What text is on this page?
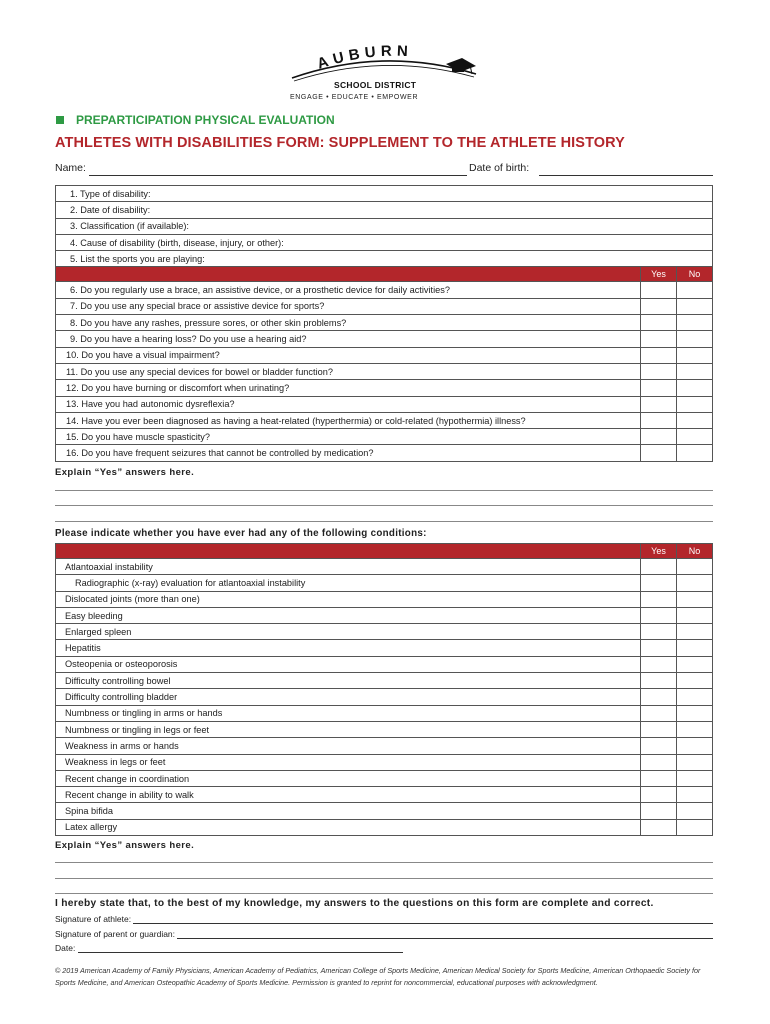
AUBURN
SCHOOL DISTRICT
ENGAGE • EDUCATE • EMPOWER
PREPARTICIPATION PHYSICAL EVALUATION
ATHLETES WITH DISABILITIES FORM: SUPPLEMENT TO THE ATHLETE HISTORY
Name:	Date of birth:
1. Type of disability:		
2. Date of disability:		
3. Classification (if available):		
4. Cause of disability (birth, disease, injury, or other):		
5. List the sports you are playing:		
	Yes	No
6. Do you regularly use a brace, an assistive device, or a prosthetic device for daily activities?		
7. Do you use any special brace or assistive device for sports?		
8. Do you have any rashes, pressure sores, or other skin problems?		
9. Do you have a hearing loss? Do you use a hearing aid?		
10. Do you have a visual impairment?		
11. Do you use any special devices for bowel or bladder function?		
12. Do you have burning or discomfort when urinating?		
13. Have you had autonomic dysreflexia?		
14. Have you ever been diagnosed as having a heat-related (hyperthermia) or cold-related (hypothermia) illness?		
15. Do you have muscle spasticity?		
16. Do you have frequent seizures that cannot be controlled by medication?		
Explain “Yes” answers here.
Please indicate whether you have ever had any of the following conditions:
	Yes	No
Atlantoaxial instability		
Radiographic (x-ray) evaluation for atlantoaxial instability		
Dislocated joints (more than one)		
Easy bleeding		
Enlarged spleen		
Hepatitis		
Osteopenia or osteoporosis		
Difficulty controlling bowel		
Difficulty controlling bladder		
Numbness or tingling in arms or hands		
Numbness or tingling in legs or feet		
Weakness in arms or hands		
Weakness in legs or feet		
Recent change in coordination		
Recent change in ability to walk		
Spina bifida		
Latex allergy		
Explain “Yes” answers here.
I hereby state that, to the best of my knowledge, my answers to the questions on this form are complete and correct.
Signature of athlete:
Signature of parent or guardian:
Date:
© 2019 American Academy of Family Physicians, American Academy of Pediatrics, American College of Sports Medicine, American Medical Society for Sports Medicine, American Orthopaedic Society for Sports Medicine, and American Osteopathic Academy of Sports Medicine. Permission is granted to reprint for noncommercial, educational purposes with acknowledgment.
